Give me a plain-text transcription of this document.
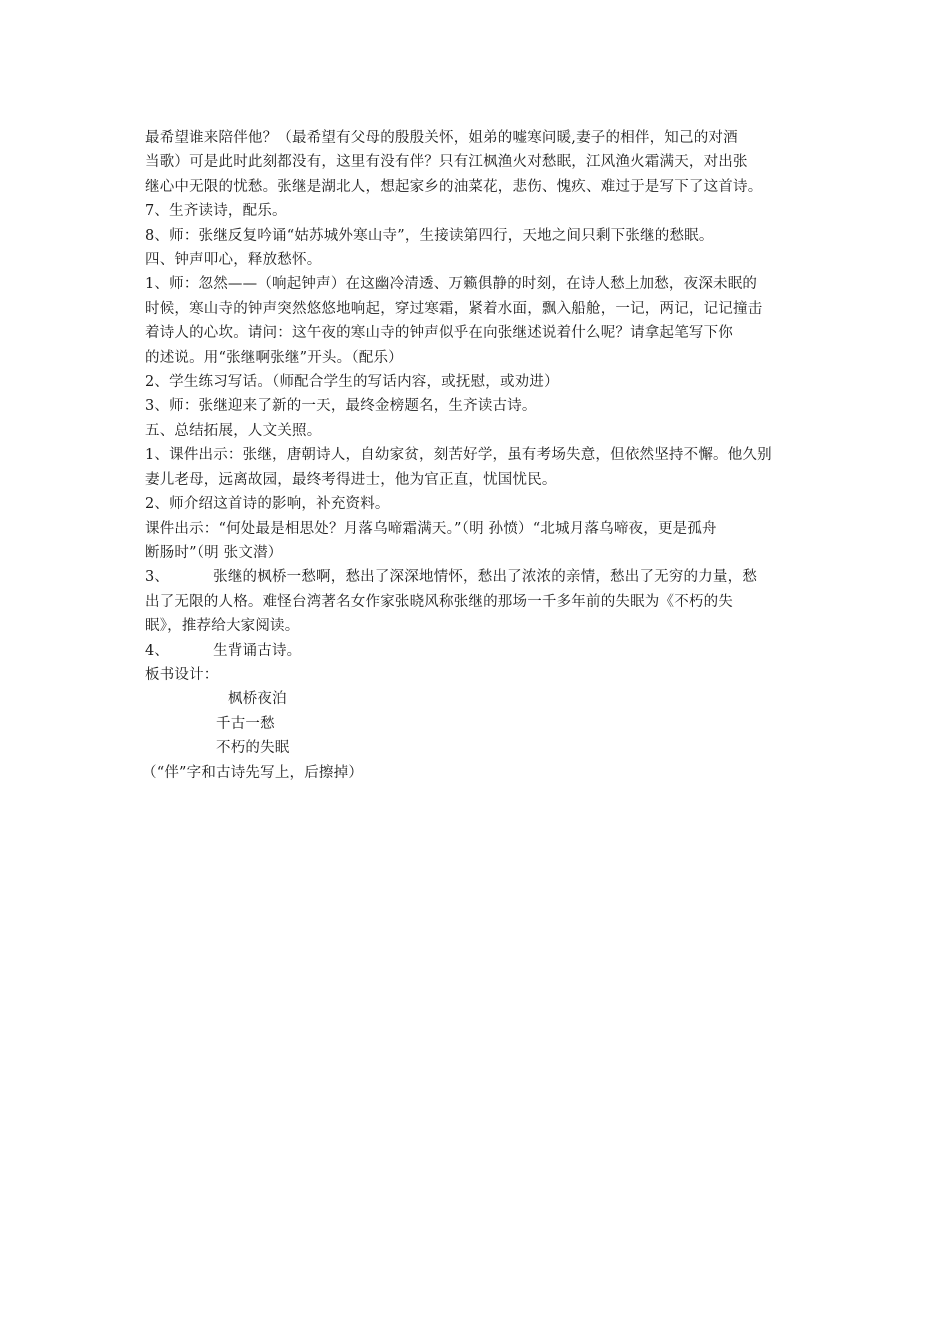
最希望谁来陪伴他？（最希望有父母的殷殷关怀，姐弟的嘘寒问暖,妻子的相伴，知己的对酒
当歌）可是此时此刻都没有，这里有没有伴？只有江枫渔火对愁眠，江风渔火霜满天，对出张
继心中无限的忧愁。张继是湖北人，想起家乡的油菜花，悲伤、愧疚、难过于是写下了这首诗。
7、生齐读诗，配乐。
8、师：张继反复吟诵“姑苏城外寒山寺”，生接读第四行，天地之间只剩下张继的愁眠。
四、钟声叩心，释放愁怀。
1、师：忽然——（响起钟声）在这幽冷清透、万籁俱静的时刻，在诗人愁上加愁，夜深未眠的
时候，寒山寺的钟声突然悠悠地响起，穿过寒霜，紧着水面，飘入船舱，一记，两记，记记撞击
着诗人的心坎。请问：这午夜的寒山寺的钟声似乎在向张继述说着什么呢？请拿起笔写下你
的述说。用“张继啊张继”开头。（配乐）
2、学生练习写话。（师配合学生的写话内容，或抚慰，或劝进）
3、师：张继迎来了新的一天，最终金榜题名，生齐读古诗。
五、总结拓展，人文关照。
1、课件出示：张继，唐朝诗人，自幼家贫，刻苦好学，虽有考场失意，但依然坚持不懈。他久别
妻儿老母，远离故园，最终考得进士，他为官正直，忧国忧民。
2、师介绍这首诗的影响，补充资料。
课件出示：“何处最是相思处？月落乌啼霜满天。”（明 孙愤）“北城月落乌啼夜，更是孤舟
断肠时”（明 张文潜）
3、	张继的枫桥一愁啊，愁出了深深地情怀，愁出了浓浓的亲情，愁出了无穷的力量，愁
出了无限的人格。难怪台湾著名女作家张晓风称张继的那场一千多年前的失眠为《不朽的失
眠》，推荐给大家阅读。
4、	生背诵古诗。
板书设计：
枫桥夜泊
千古一愁
不朽的失眠
（“伴”字和古诗先写上，后擦掉）
